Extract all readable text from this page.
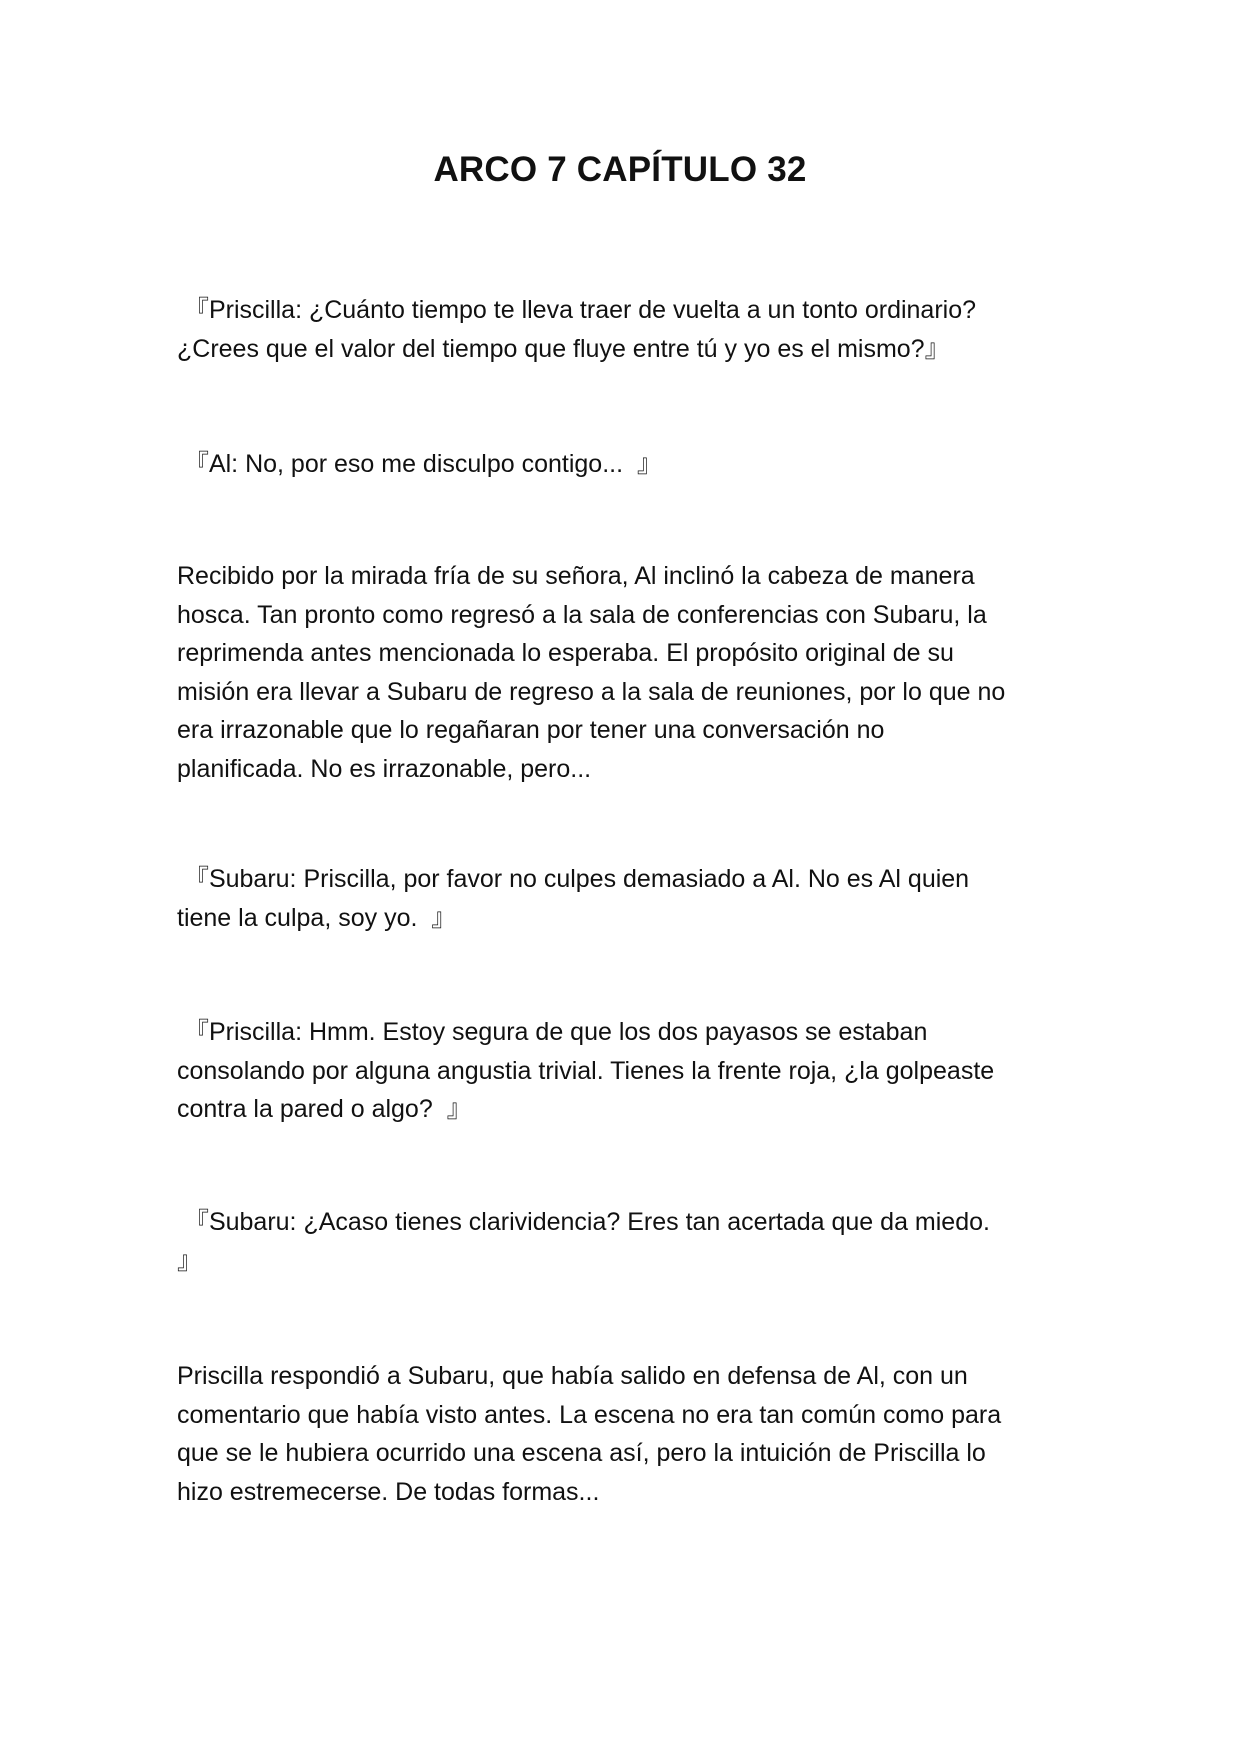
ARCO 7 CAPÍTULO 32

『Priscilla: ¿Cuánto tiempo te lleva traer de vuelta a un tonto ordinario?
¿Crees que el valor del tiempo que fluye entre tú y yo es el mismo?』

『Al: No, por eso me disculpo contigo...  』

Recibido por la mirada fría de su señora, Al inclinó la cabeza de manera
hosca. Tan pronto como regresó a la sala de conferencias con Subaru, la
reprimenda antes mencionada lo esperaba. El propósito original de su
misión era llevar a Subaru de regreso a la sala de reuniones, por lo que no
era irrazonable que lo regañaran por tener una conversación no
planificada. No es irrazonable, pero...

『Subaru: Priscilla, por favor no culpes demasiado a Al. No es Al quien
tiene la culpa, soy yo.  』

『Priscilla: Hmm. Estoy segura de que los dos payasos se estaban
consolando por alguna angustia trivial. Tienes la frente roja, ¿la golpeaste
contra la pared o algo?  』

『Subaru: ¿Acaso tienes clarividencia? Eres tan acertada que da miedo.
』

Priscilla respondió a Subaru, que había salido en defensa de Al, con un
comentario que había visto antes. La escena no era tan común como para
que se le hubiera ocurrido una escena así, pero la intuición de Priscilla lo
hizo estremecerse. De todas formas...
